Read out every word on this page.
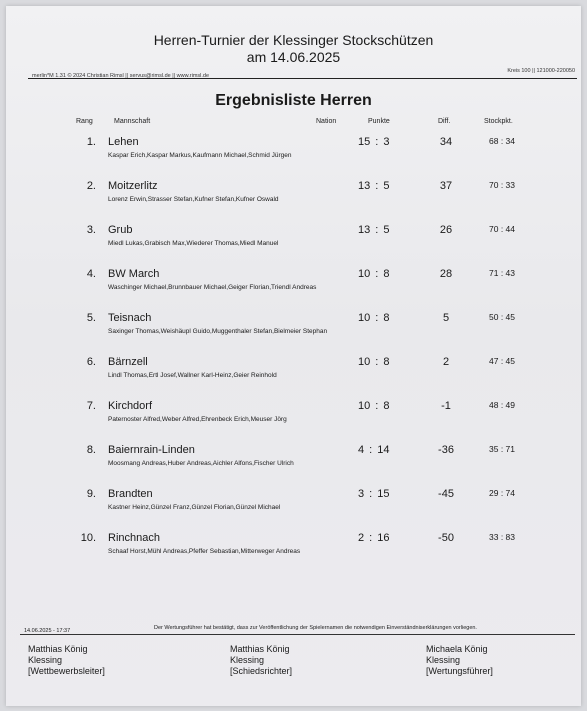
Herren-Turnier der Klessinger Stockschützen
am 14.06.2025
merlin*M 1.31 © 2024 Christian Rimsl || servus@rimsl.de || www.rimsl.de
Kreis 100 || 121000-220050
Ergebnisliste Herren
Rang	Mannschaft	Nation	Punkte	Diff.	Stockpkt.
1. Lehen
Kaspar Erich,Kaspar Markus,Kaufmann Michael,Schmid Jürgen
15 : 3	34	68 : 34
2. Moitzerlitz
Lorenz Erwin,Strasser Stefan,Kufner Stefan,Kufner Oswald
13 : 5	37	70 : 33
3. Grub
Miedl Lukas,Grabisch Max,Wiederer Thomas,Miedl Manuel
13 : 5	26	70 : 44
4. BW March
Waschinger Michael,Brunnbauer Michael,Geiger Florian,Triendl Andreas
10 : 8	28	71 : 43
5. Teisnach
Saxinger Thomas,Weishäupl Guido,Muggenthaler Stefan,Bielmeier Stephan
10 : 8	5	50 : 45
6. Bärnzell
Lindl Thomas,Ertl Josef,Wallner Karl-Heinz,Geier Reinhold
10 : 8	2	47 : 45
7. Kirchdorf
Paternoster Alfred,Weber Alfred,Ehrenbeck Erich,Meuser Jörg
10 : 8	-1	48 : 49
8. Baiernrain-Linden
Moosmang Andreas,Huber Andreas,Aichler Alfons,Fischer Ulrich
4 : 14	-36	35 : 71
9. Brandten
Kastner Heinz,Günzel Franz,Günzel Florian,Günzel Michael
3 : 15	-45	29 : 74
10. Rinchnach
Schaaf Horst,Mühl Andreas,Pfeffer Sebastian,Mitterweger Andreas
2 : 16	-50	33 : 83
14.06.2025 - 17:37	Der Wertungsführer hat bestätigt, dass zur Veröffentlichung der Spielernamen die notwendigen Einverständniserklärungen vorliegen.
Matthias König
Klessing
[Wettbewerbsleiter]
Matthias König
Klessing
[Schiedsrichter]
Michaela König
Klessing
[Wertungsführer]
